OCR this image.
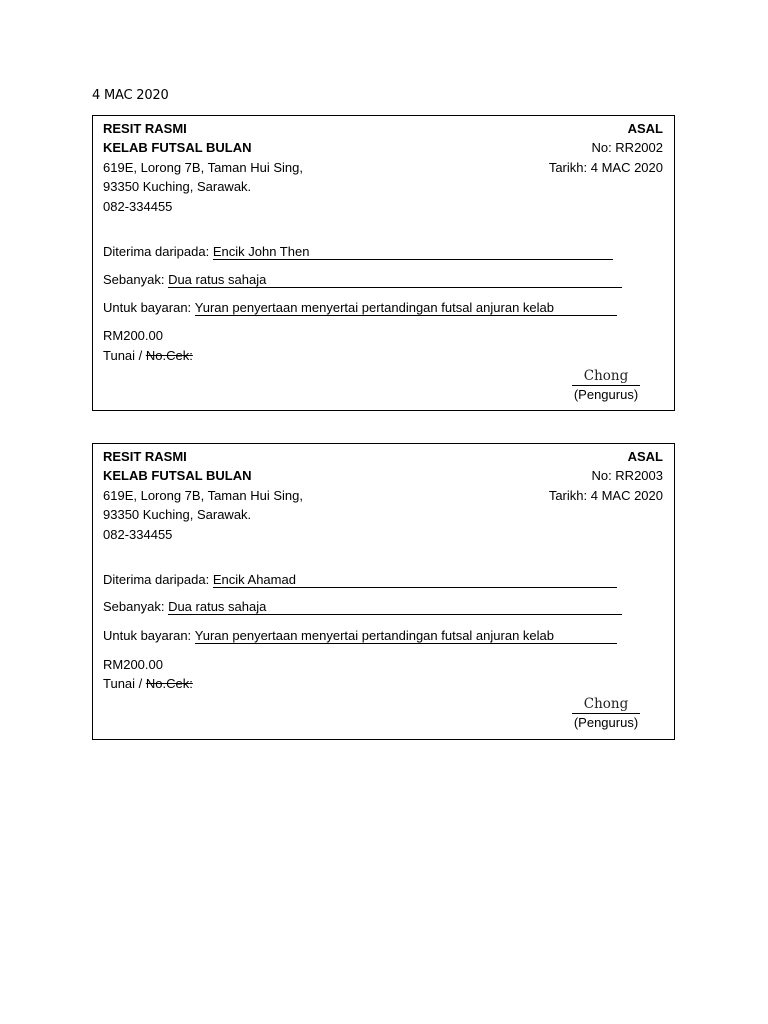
4 MAC 2020
RESIT RASMI	ASAL
KELAB FUTSAL BULAN	No: RR2002
619E, Lorong 7B, Taman Hui Sing,	Tarikh: 4 MAC 2020
93350 Kuching, Sarawak.
082-334455
Diterima daripada: Encik John Then
Sebanyak: Dua ratus sahaja
Untuk bayaran: Yuran penyertaan menyertai pertandingan futsal anjuran kelab
RM200.00
Tunai / No.Cek:
Chong
(Pengurus)
RESIT RASMI	ASAL
KELAB FUTSAL BULAN	No: RR2003
619E, Lorong 7B, Taman Hui Sing,	Tarikh: 4 MAC 2020
93350 Kuching, Sarawak.
082-334455
Diterima daripada: Encik Ahamad
Sebanyak: Dua ratus sahaja
Untuk bayaran: Yuran penyertaan menyertai pertandingan futsal anjuran kelab
RM200.00
Tunai / No.Cek:
Chong
(Pengurus)
